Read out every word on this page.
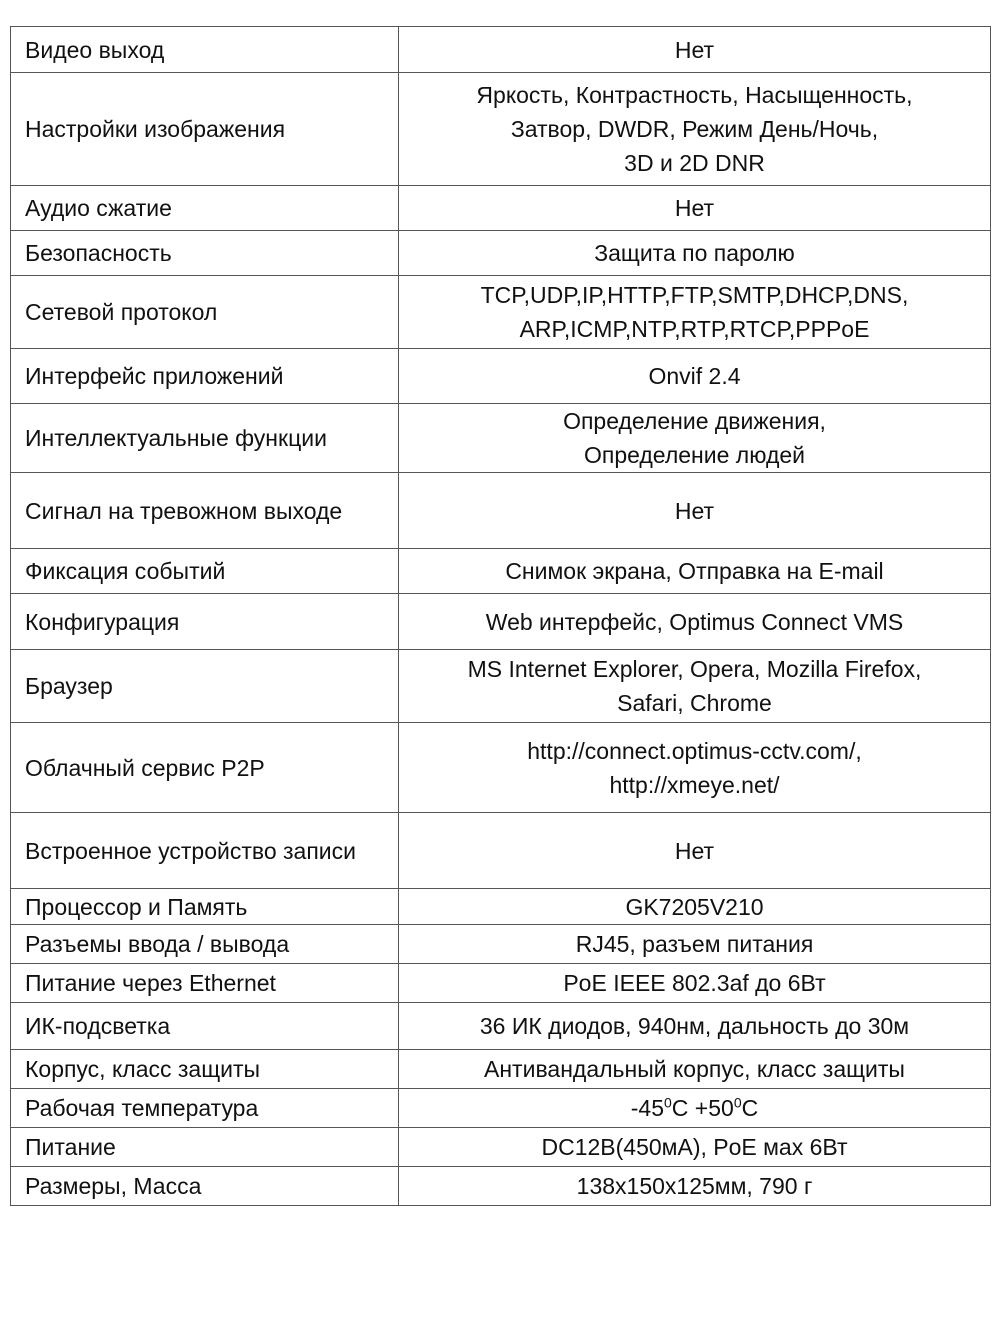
Видео выход	Нет
Настройки изображения	Яркость, Контрастность, Насыщенность,
Затвор, DWDR, Режим День/Ночь,
3D и 2D DNR
Аудио сжатие	Нет
Безопасность	Защита по паролю
Сетевой протокол	TCP,UDP,IP,HTTP,FTP,SMTP,DHCP,DNS,
ARP,ICMP,NTP,RTP,RTCP,PPPoE
Интерфейс приложений	Onvif 2.4
Интеллектуальные функции	Определение движения,
Определение людей
Сигнал на тревожном выходе	Нет
Фиксация событий	Снимок экрана, Отправка на E-mail
Конфигурация	Web интерфейс, Optimus Connect VMS
Браузер	MS Internet Explorer, Opera, Mozilla Firefox,
Safari, Chrome
Облачный сервис P2P	http://connect.optimus-cctv.com/,
http://xmeye.net/
Встроенное устройство записи	Нет
Процессор и Память	GK7205V210
Разъемы ввода / вывода	RJ45, разъем питания
Питание через Ethernet	PoE IEEE 802.3af до 6Вт
ИК-подсветка	36 ИК диодов, 940нм, дальность до 30м
Корпус, класс защиты	Антивандальный корпус, класс защиты
Рабочая температура	$-45^0C +50^0C$
Питание	DC12В(450мА), PoE мах 6Вт
Размеры, Масса	138x150x125мм, 790 г
